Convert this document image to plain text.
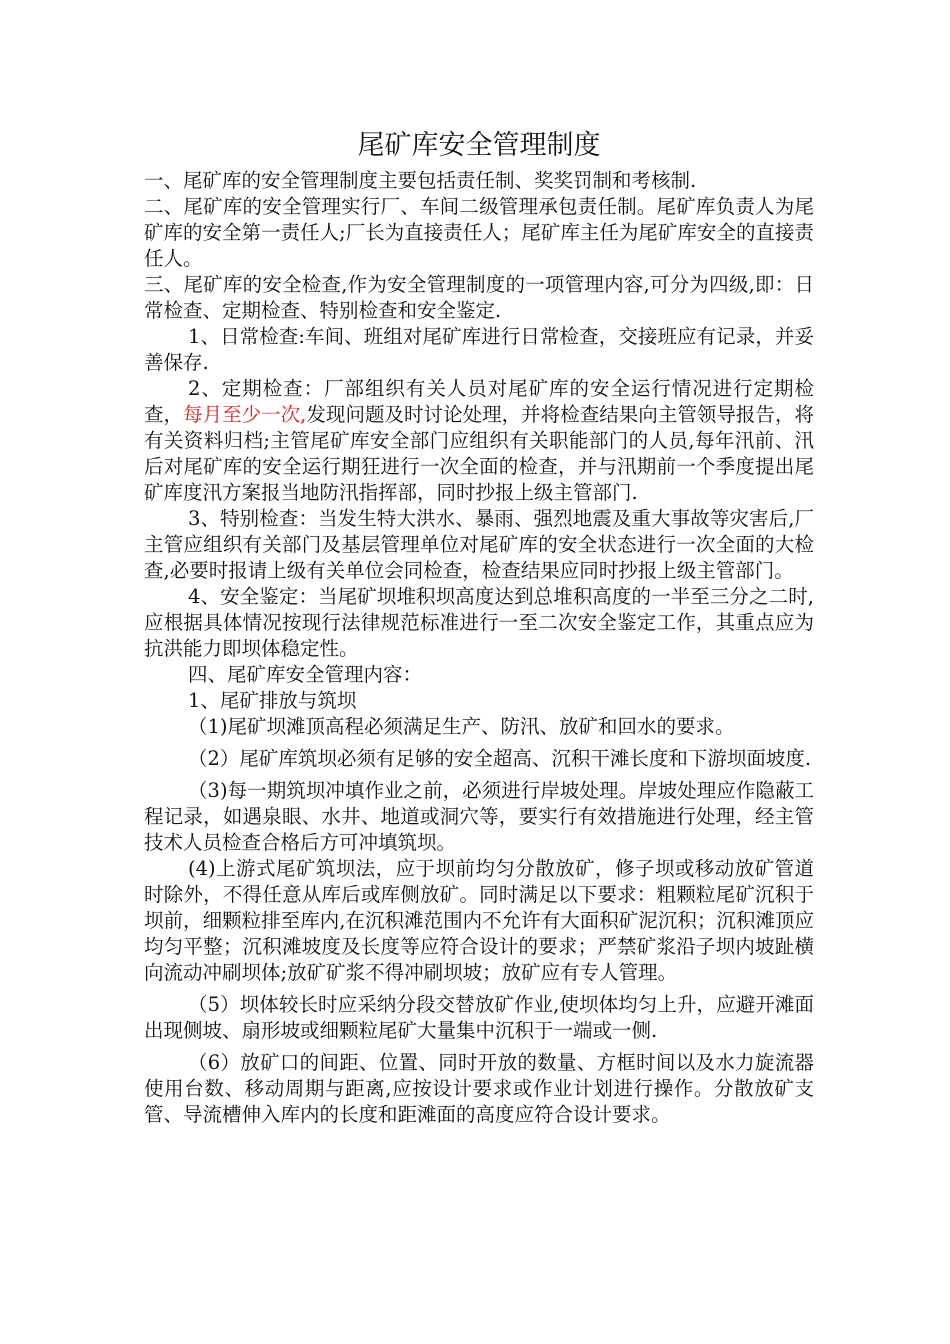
尾矿库安全管理制度

一、尾矿库的安全管理制度主要包括责任制、奖奖罚制和考核制.

二、尾矿库的安全管理实行厂、车间二级管理承包责任制。尾矿库负责人为尾矿库的安全第一责任人;厂长为直接责任人；尾矿库主任为尾矿库安全的直接责任人。

三、尾矿库的安全检查,作为安全管理制度的一项管理内容,可分为四级,即：日常检查、定期检查、特别检查和安全鉴定.

1、日常检查:车间、班组对尾矿库进行日常检查，交接班应有记录，并妥善保存.

2、定期检查：厂部组织有关人员对尾矿库的安全运行情况进行定期检查，每月至少一次,发现问题及时讨论处理，并将检查结果向主管领导报告，将有关资料归档;主管尾矿库安全部门应组织有关职能部门的人员,每年汛前、汛后对尾矿库的安全运行期狂进行一次全面的检查，并与汛期前一个季度提出尾矿库度汛方案报当地防汛指挥部，同时抄报上级主管部门.

3、特别检查：当发生特大洪水、暴雨、强烈地震及重大事故等灾害后,厂主管应组织有关部门及基层管理单位对尾矿库的安全状态进行一次全面的大检查,必要时报请上级有关单位会同检查，检查结果应同时抄报上级主管部门。

4、安全鉴定：当尾矿坝堆积坝高度达到总堆积高度的一半至三分之二时,应根据具体情况按现行法律规范标准进行一至二次安全鉴定工作，其重点应为抗洪能力即坝体稳定性。

四、尾矿库安全管理内容：

1、尾矿排放与筑坝

（1)尾矿坝滩顶高程必须满足生产、防汛、放矿和回水的要求。

（2）尾矿库筑坝必须有足够的安全超高、沉积干滩长度和下游坝面坡度.

（3)每一期筑坝冲填作业之前，必须进行岸坡处理。岸坡处理应作隐蔽工程记录，如遇泉眼、水井、地道或洞穴等，要实行有效措施进行处理，经主管技术人员检查合格后方可冲填筑坝。

(4)上游式尾矿筑坝法，应于坝前均匀分散放矿，修子坝或移动放矿管道时除外，不得任意从库后或库侧放矿。同时满足以下要求：粗颗粒尾矿沉积于坝前，细颗粒排至库内,在沉积滩范围内不允许有大面积矿泥沉积；沉积滩顶应均匀平整；沉积滩坡度及长度等应符合设计的要求；严禁矿浆沿子坝内坡趾横向流动冲刷坝体;放矿矿浆不得冲刷坝坡；放矿应有专人管理。

（5）坝体较长时应采纳分段交替放矿作业,使坝体均匀上升，应避开滩面出现侧坡、扇形坡或细颗粒尾矿大量集中沉积于一端或一侧.

（6）放矿口的间距、位置、同时开放的数量、方框时间以及水力旋流器使用台数、移动周期与距离,应按设计要求或作业计划进行操作。分散放矿支管、导流槽伸入库内的长度和距滩面的高度应符合设计要求。
